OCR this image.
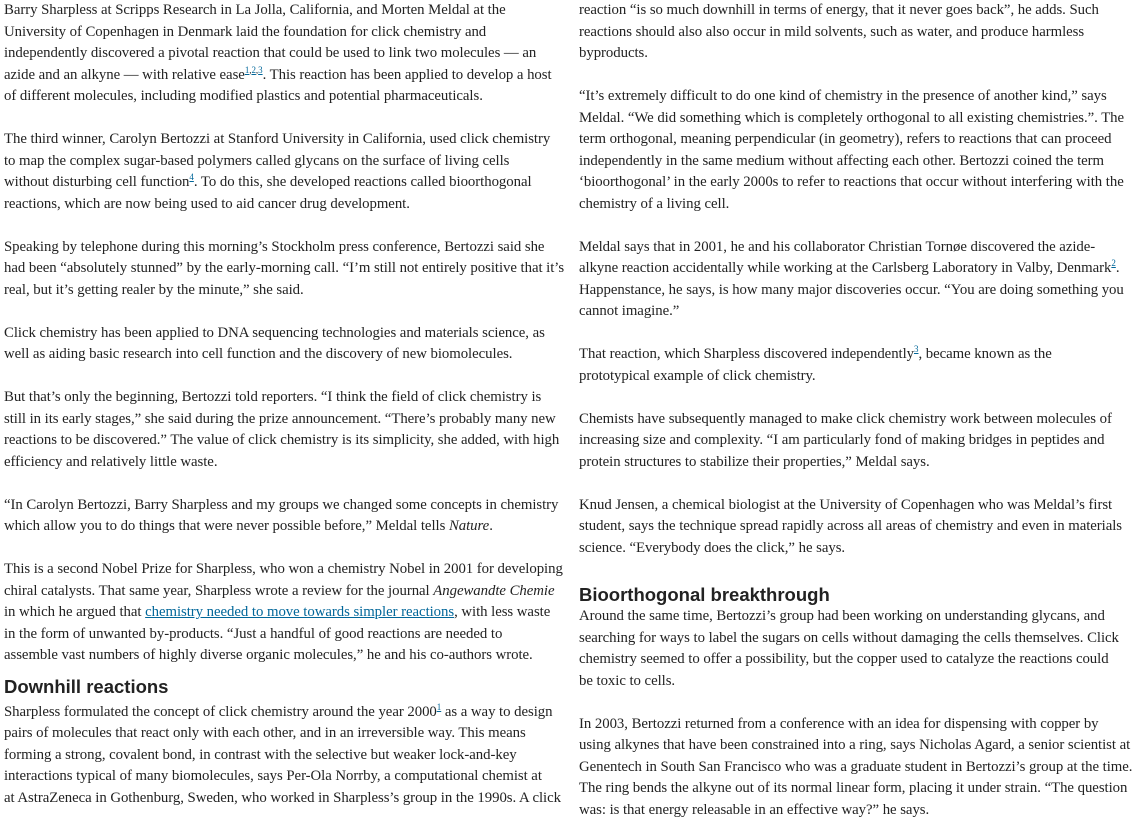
Barry Sharpless at Scripps Research in La Jolla, California, and Morten Meldal at the

University of Copenhagen in Denmark laid the foundation for click chemistry and

independently discovered a pivotal reaction that could be used to link two molecules — an

azide and an alkyne — with relative ease$^{1,2,3}$. This reaction has been applied to develop a host

of different molecules, including modified plastics and potential pharmaceuticals.

The third winner, Carolyn Bertozzi at Stanford University in California, used click chemistry

to map the complex sugar-based polymers called glycans on the surface of living cells

without disturbing cell function$^4$. To do this, she developed reactions called bioorthogonal

reactions, which are now being used to aid cancer drug development.

Speaking by telephone during this morning’s Stockholm press conference, Bertozzi said she

had been “absolutely stunned” by the early-morning call. “I’m still not entirely positive that it’s

real, but it’s getting realer by the minute,” she said.

Click chemistry has been applied to DNA sequencing technologies and materials science, as

well as aiding basic research into cell function and the discovery of new biomolecules.

But that’s only the beginning, Bertozzi told reporters. “I think the field of click chemistry is

still in its early stages,” she said during the prize announcement. “There’s probably many new

reactions to be discovered.” The value of click chemistry is its simplicity, she added, with high

efficiency and relatively little waste.

“In Carolyn Bertozzi, Barry Sharpless and my groups we changed some concepts in chemistry

which allow you to do things that were never possible before,” Meldal tells Nature.

This is a second Nobel Prize for Sharpless, who won a chemistry Nobel in 2001 for developing

chiral catalysts. That same year, Sharpless wrote a review for the journal Angewandte Chemie

in which he argued that chemistry needed to move towards simpler reactions, with less waste

in the form of unwanted by-products. “Just a handful of good reactions are needed to

assemble vast numbers of highly diverse organic molecules,” he and his co-authors wrote.

Downhill reactions

Sharpless formulated the concept of click chemistry around the year 2000$^1$ as a way to design

pairs of molecules that react only with each other, and in an irreversible way. This means

forming a strong, covalent bond, in contrast with the selective but weaker lock-and-key

interactions typical of many biomolecules, says Per-Ola Norrby, a computational chemist at

at AstraZeneca in Gothenburg, Sweden, who worked in Sharpless’s group in the 1990s. A click

reaction “is so much downhill in terms of energy, that it never goes back”, he adds. Such

reactions should also also occur in mild solvents, such as water, and produce harmless

byproducts.

“It’s extremely difficult to do one kind of chemistry in the presence of another kind,” says

Meldal. “We did something which is completely orthogonal to all existing chemistries.”. The

term orthogonal, meaning perpendicular (in geometry), refers to reactions that can proceed

independently in the same medium without affecting each other. Bertozzi coined the term

‘bioorthogonal’ in the early 2000s to refer to reactions that occur without interfering with the

chemistry of a living cell.

Meldal says that in 2001, he and his collaborator Christian Tornøe discovered the azide-

alkyne reaction accidentally while working at the Carlsberg Laboratory in Valby, Denmark$^2$.

Happenstance, he says, is how many major discoveries occur. “You are doing something you

cannot imagine.”

That reaction, which Sharpless discovered independently$^3$, became known as the

prototypical example of click chemistry.

Chemists have subsequently managed to make click chemistry work between molecules of

increasing size and complexity. “I am particularly fond of making bridges in peptides and

protein structures to stabilize their properties,” Meldal says.

Knud Jensen, a chemical biologist at the University of Copenhagen who was Meldal’s first

student, says the technique spread rapidly across all areas of chemistry and even in materials

science. “Everybody does the click,” he says.

Bioorthogonal breakthrough

Around the same time, Bertozzi’s group had been working on understanding glycans, and

searching for ways to label the sugars on cells without damaging the cells themselves. Click

chemistry seemed to offer a possibility, but the copper used to catalyze the reactions could

be toxic to cells.

In 2003, Bertozzi returned from a conference with an idea for dispensing with copper by

using alkynes that have been constrained into a ring, says Nicholas Agard, a senior scientist at

Genentech in South San Francisco who was a graduate student in Bertozzi’s group at the time.

The ring bends the alkyne out of its normal linear form, placing it under strain. “The question

was: is that energy releasable in an effective way?” he says.
